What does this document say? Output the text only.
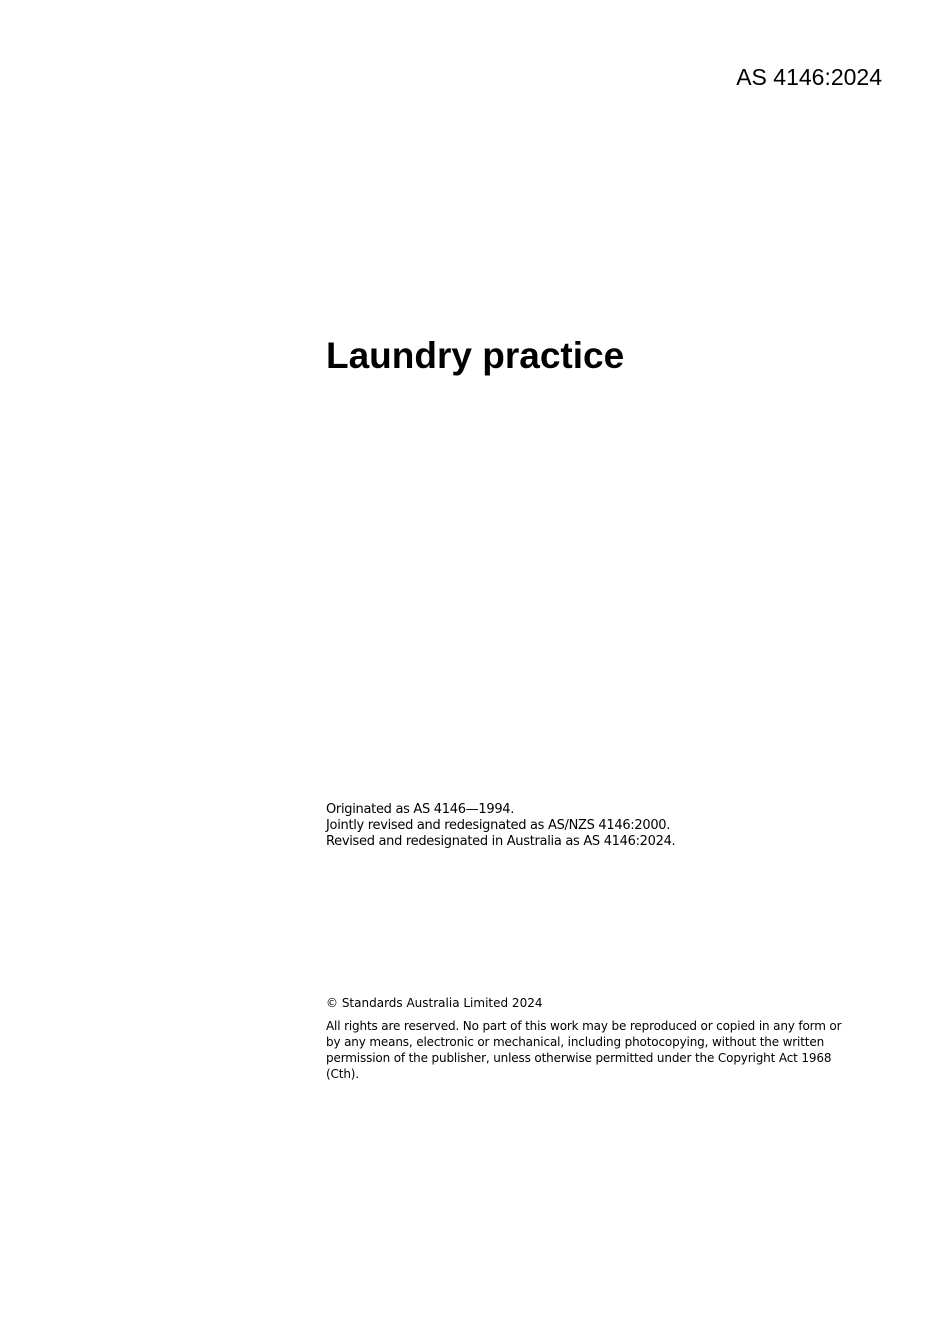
AS 4146:2024
Laundry practice
Originated as AS 4146—1994.
Jointly revised and redesignated as AS/NZS 4146:2000.
Revised and redesignated in Australia as AS 4146:2024.
© Standards Australia Limited 2024

All rights are reserved. No part of this work may be reproduced or copied in any form or by any means, electronic or mechanical, including photocopying, without the written permission of the publisher, unless otherwise permitted under the Copyright Act 1968 (Cth).
